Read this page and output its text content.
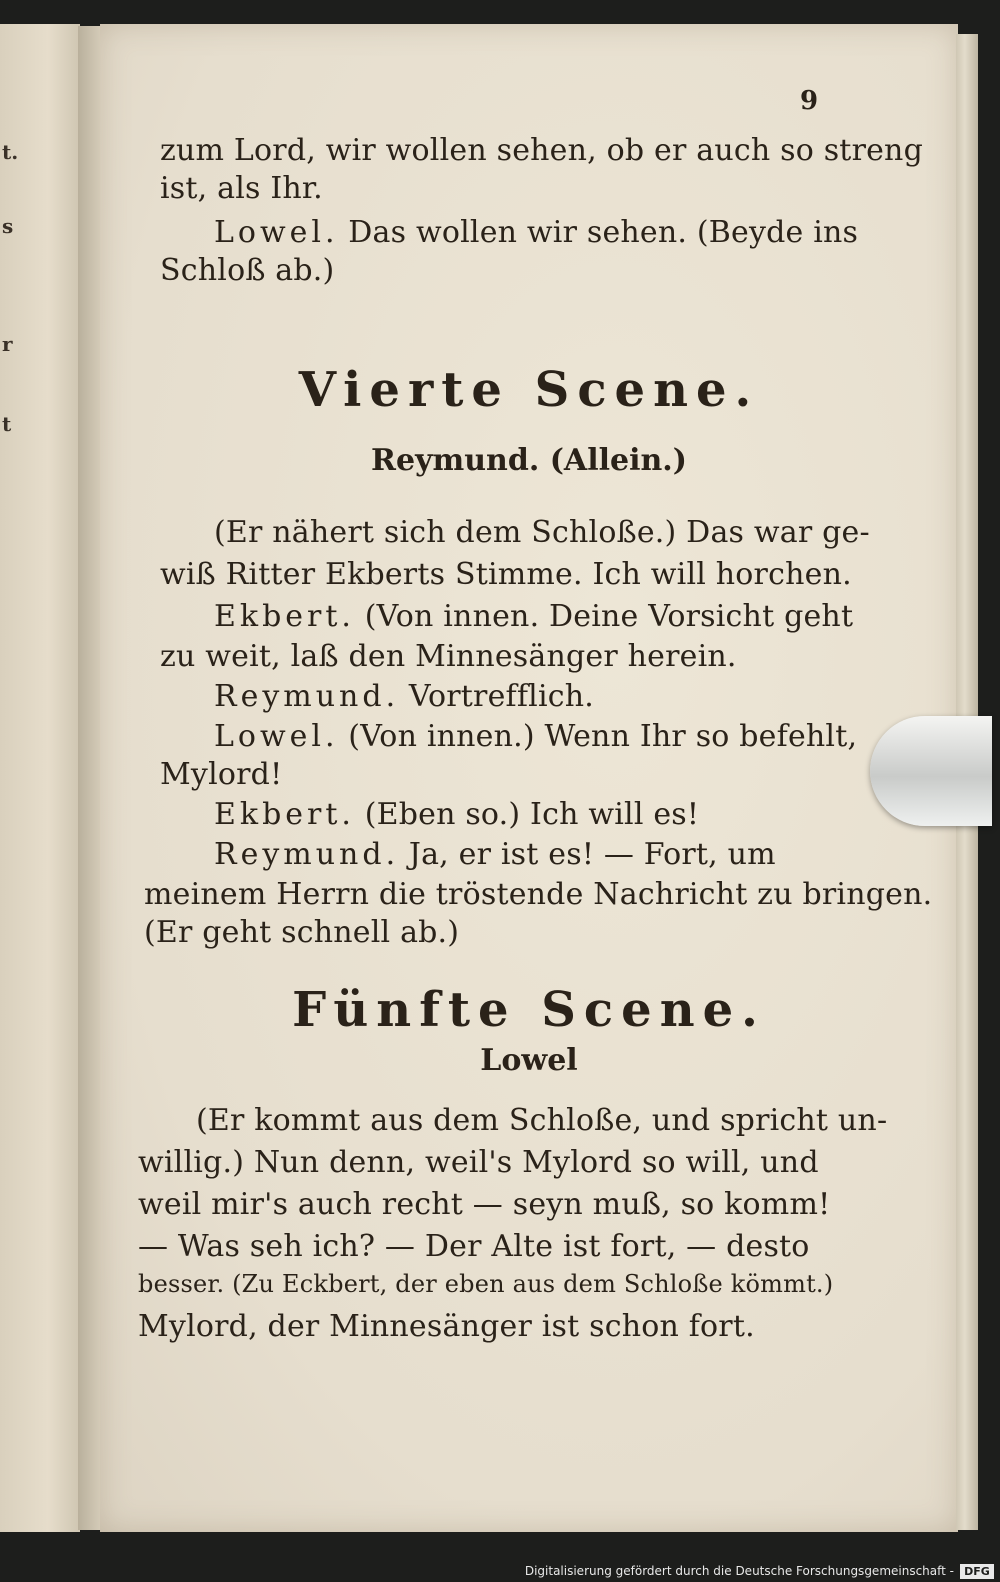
t.
s
r
t
9
zum Lord, wir wollen sehen, ob er auch so streng
ist, als Ihr.
Lowel. Das wollen wir sehen. (Beyde ins
Schloß ab.)
Vierte Scene.
Reymund. (Allein.)
(Er nähert sich dem Schloße.) Das war ge-
wiß Ritter Ekberts Stimme. Ich will horchen.
Ekbert. (Von innen. Deine Vorsicht geht
zu weit, laß den Minnesänger herein.
Reymund. Vortrefflich.
Lowel. (Von innen.) Wenn Ihr so befehlt,
Mylord!
Ekbert. (Eben so.) Ich will es!
Reymund. Ja, er ist es! — Fort, um
meinem Herrn die tröstende Nachricht zu bringen.
(Er geht schnell ab.)
Fünfte Scene.
Lowel
(Er kommt aus dem Schloße, und spricht un-
willig.) Nun denn, weil's Mylord so will, und
weil mir's auch recht — seyn muß, so komm!
— Was seh ich? — Der Alte ist fort, — desto
besser. (Zu Eckbert, der eben aus dem Schloße kömmt.)
Mylord, der Minnesänger ist schon fort.
Digitalisierung gefördert durch die Deutsche Forschungsgemeinschaft - DFG
